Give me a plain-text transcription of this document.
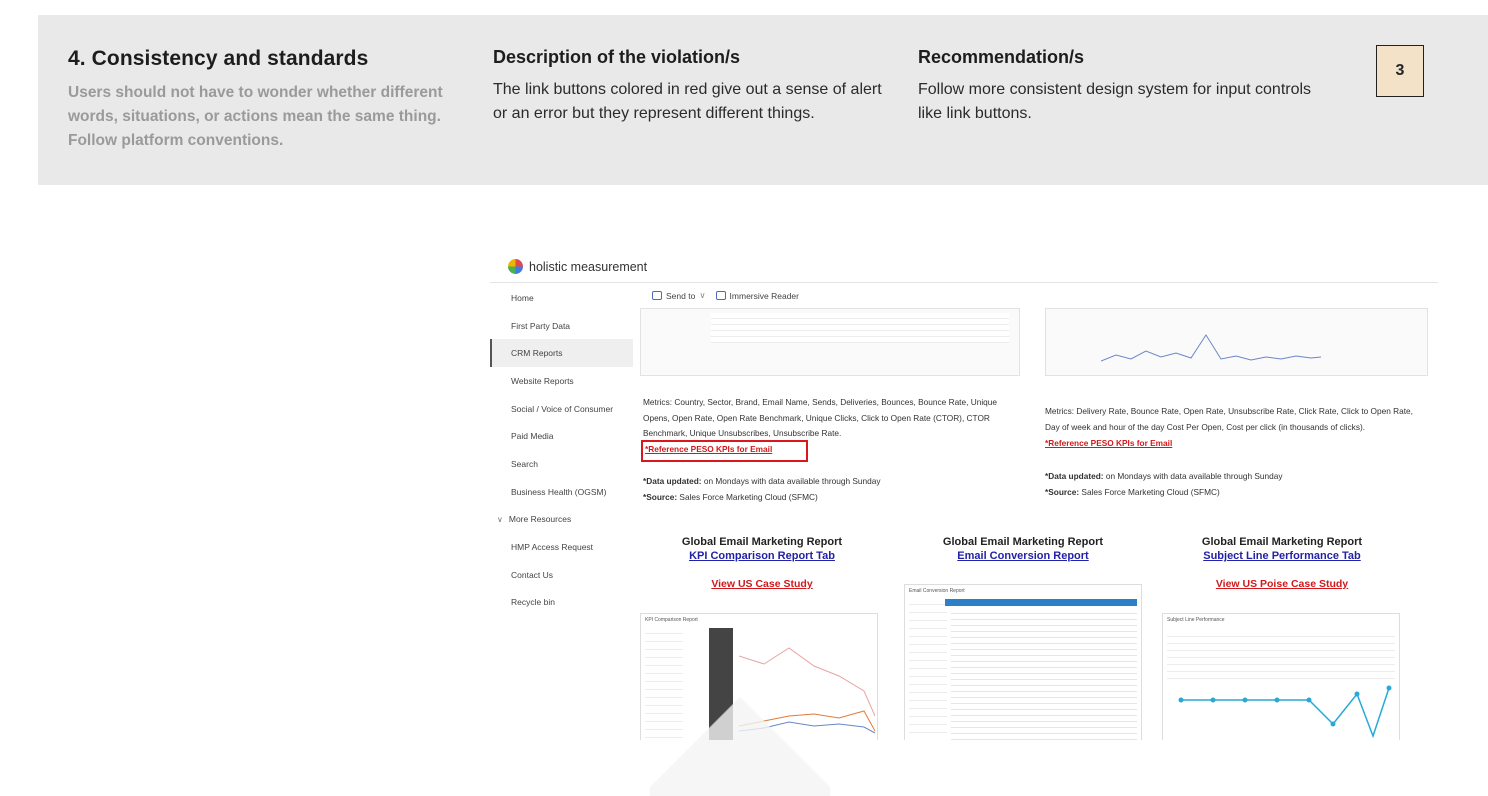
4. Consistency and standards

Users should not have to wonder whether different words, situations, or actions mean the same thing. Follow platform conventions.

Description of the violation/s

The link buttons colored in red give out a sense of alert or an error but they represent different things.

Recommendation/s

Follow more consistent design system for input controls like link buttons.

3
holistic measurement
Home
First Party Data
CRM Reports
Website Reports
Social / Voice of Consumer
Paid Media
Search
Business Health (OGSM)
∨ More Resources
HMP Access Request
Contact Us
Recycle bin
Send to ∨	Immersive Reader
Metrics: Country, Sector, Brand, Email Name, Sends, Deliveries, Bounces, Bounce Rate, Unique Opens, Open Rate, Open Rate Benchmark, Unique Clicks, Click to Open Rate (CTOR), CTOR Benchmark, Unique Unsubscribes, Unsubscribe Rate.
*Reference PESO KPIs for Email
*Data updated: on Mondays with data available through Sunday
*Source: Sales Force Marketing Cloud (SFMC)
Metrics: Delivery Rate, Bounce Rate, Open Rate, Unsubscribe Rate, Click Rate, Click to Open Rate, Day of week and hour of the day Cost Per Open, Cost per click (in thousands of clicks).
*Reference PESO KPIs for Email
*Data updated: on Mondays with data available through Sunday
*Source: Sales Force Marketing Cloud (SFMC)
Global Email Marketing Report
KPI Comparison Report Tab
View US Case Study
Global Email Marketing Report
Email Conversion Report
Global Email Marketing Report
Subject Line Performance Tab
View US Poise Case Study
KPI Comparison Report
Email Conversion Report
Subject Line Performance
